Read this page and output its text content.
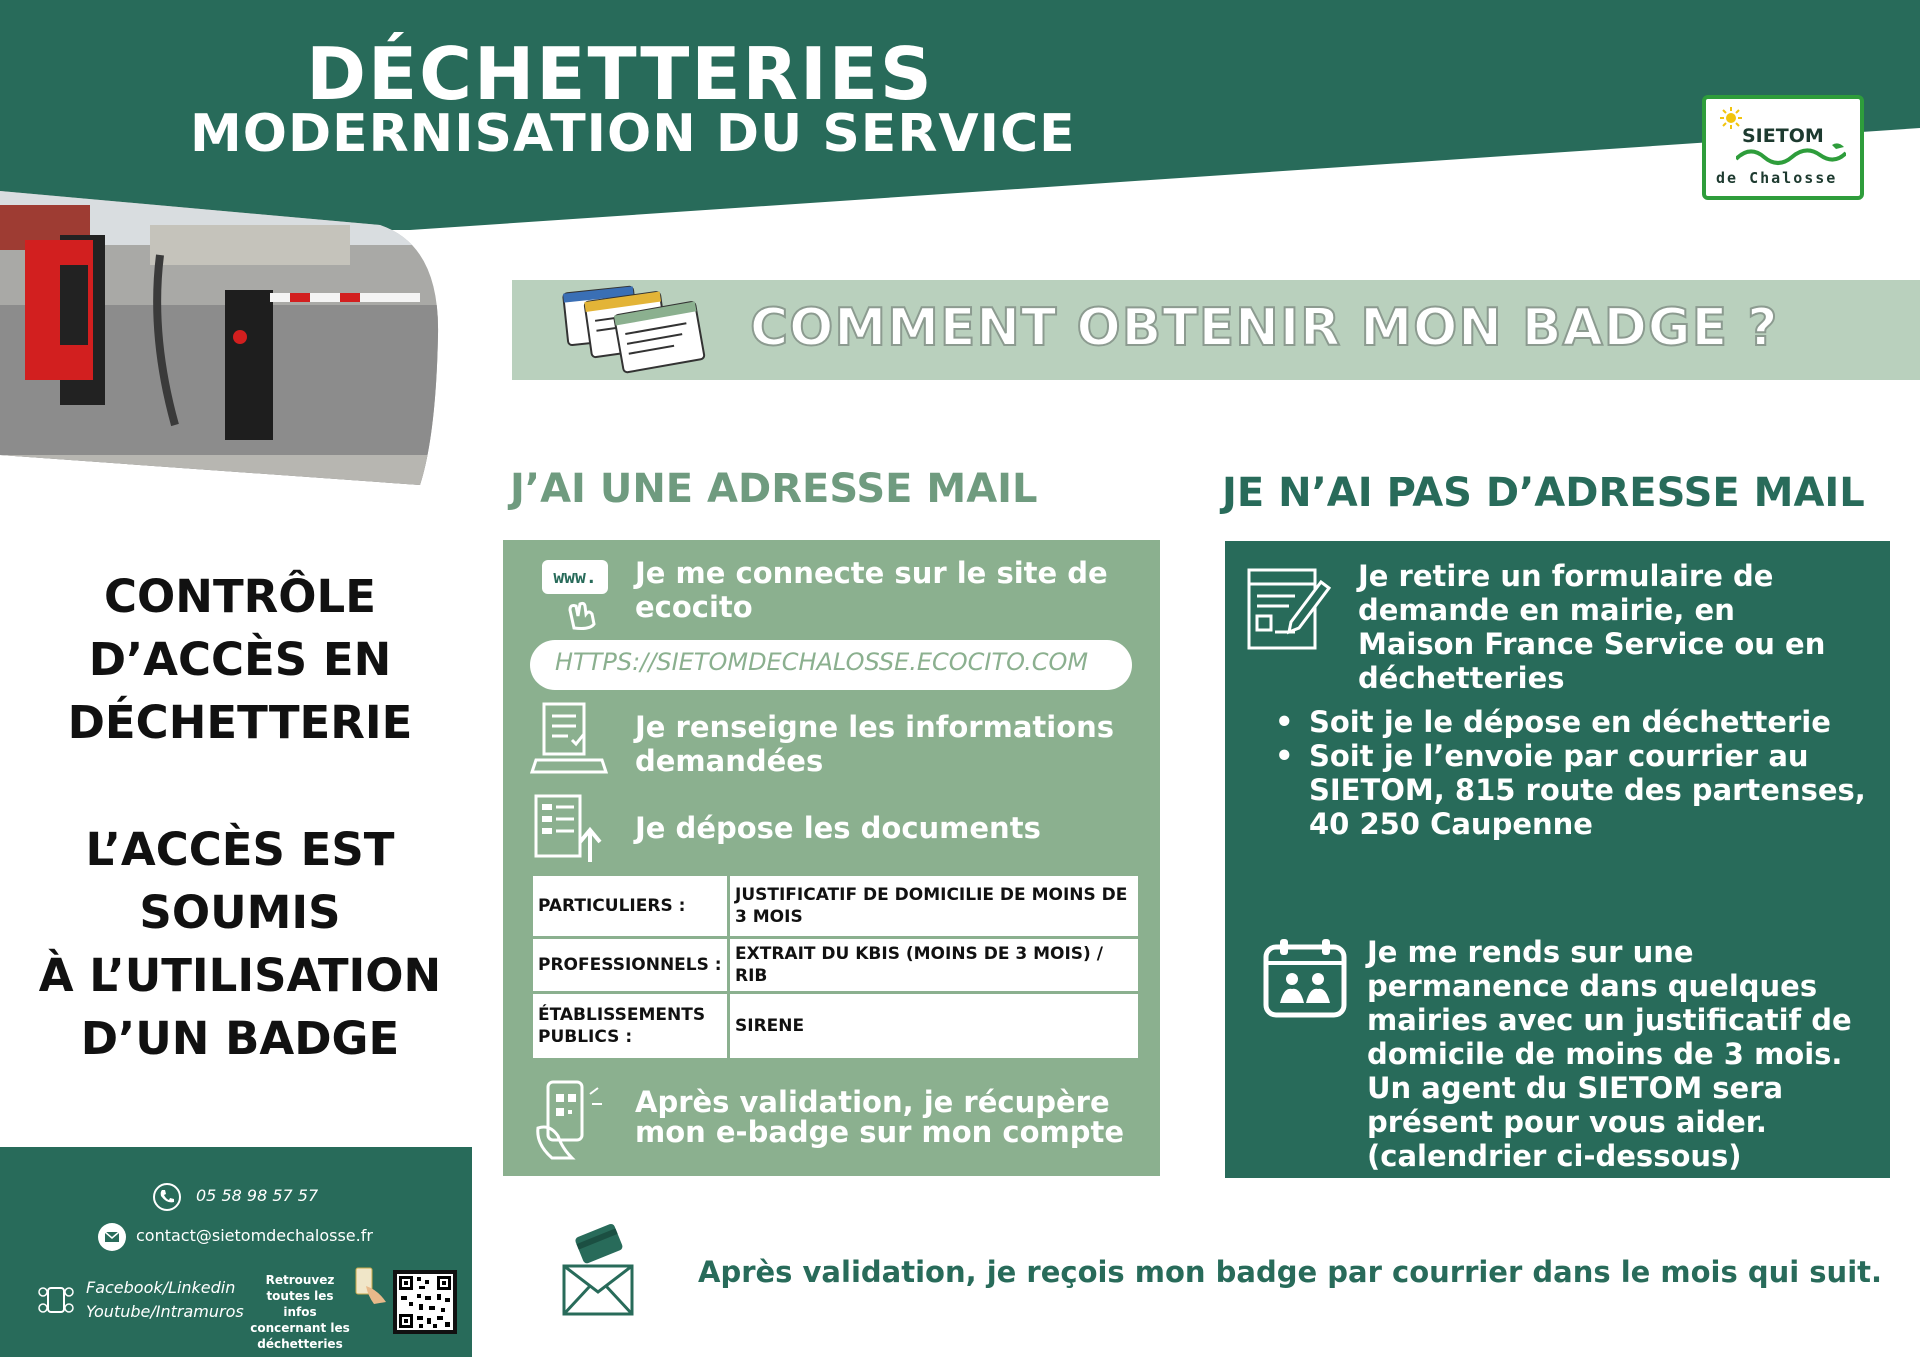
DÉCHETTERIES
MODERNISATION DU SERVICE	SIETOM
de Chalosse
CONTRÔLE
D’ACCÈS EN
DÉCHETTERIE
L’ACCÈS EST
SOUMIS
À L’UTILISATION
D’UN BADGE
05 58 98 57 57
contact@sietomdechalosse.fr
Facebook/Linkedin
Youtube/Intramuros
Retrouvez toutes les infos concernant les déchetteries
COMMENT OBTENIR MON BADGE ?
J’AI UNE ADRESSE MAIL	JE N’AI PAS D’ADRESSE MAIL
www. Je me connecte sur le site de ecocito
HTTPS://SIETOMDECHALOSSE.ECOCITO.COM
Je renseigne les informations demandées
Je dépose les documents
PARTICULIERS :	JUSTIFICATIF DE DOMICILIE DE MOINS DE 3 MOIS
PROFESSIONNELS :	EXTRAIT DU KBIS (MOINS DE 3 MOIS) / RIB
ÉTABLISSEMENTS PUBLICS :	SIRENE
Après validation, je récupère mon e-badge sur mon compte
Je retire un formulaire de demande en mairie, en Maison France Service ou en déchetteries
• Soit je le dépose en déchetterie
• Soit je l’envoie par courrier au SIETOM, 815 route des partenses, 40 250 Caupenne
Je me rends sur une permanence dans quelques mairies avec un justificatif de domicile de moins de 3 mois. Un agent du SIETOM sera présent pour vous aider. (calendrier ci-dessous)
Après validation, je reçois mon badge par courrier dans le mois qui suit.
